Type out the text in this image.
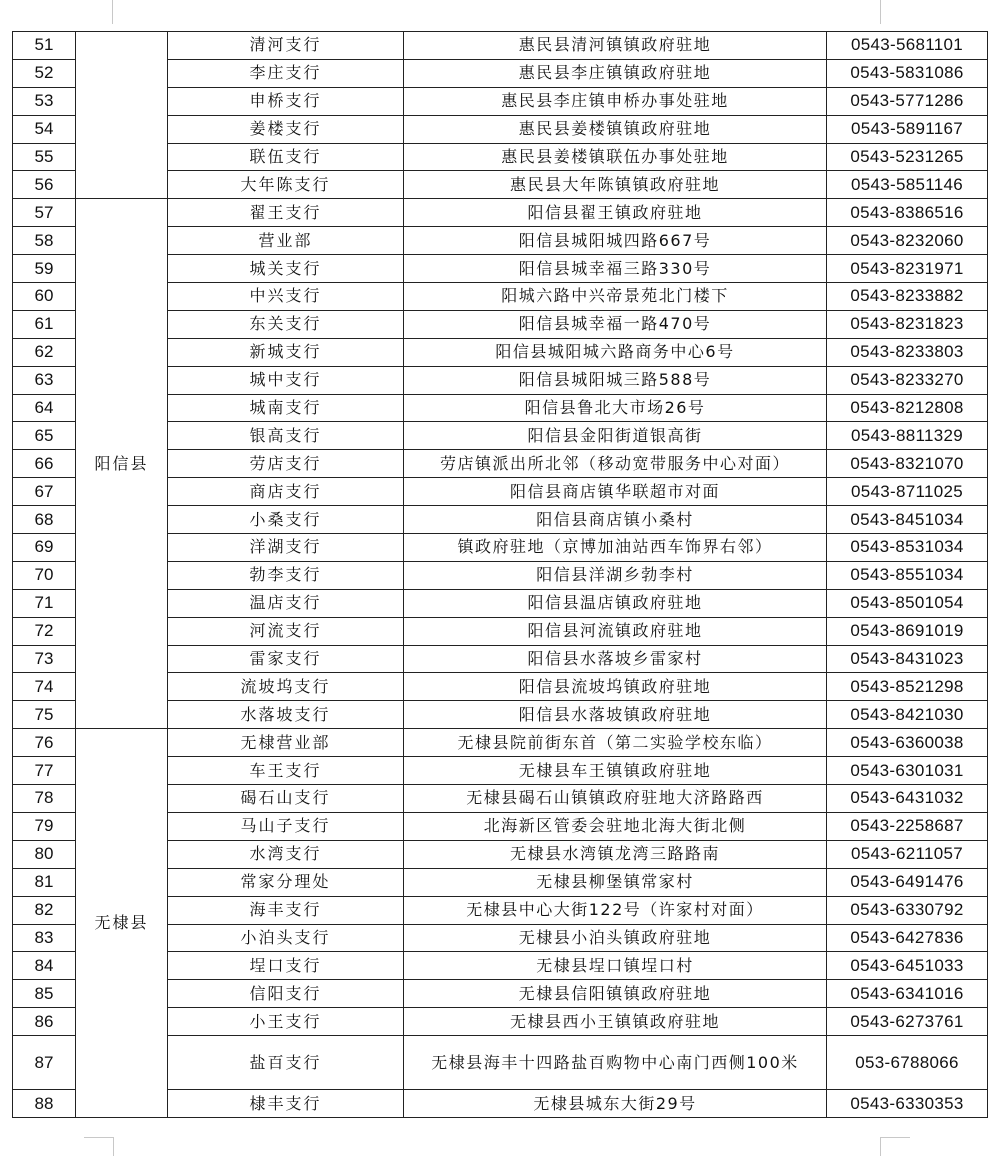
51		清河支行	惠民县清河镇镇政府驻地	0543-5681101
52		李庄支行	惠民县李庄镇镇政府驻地	0543-5831086
53		申桥支行	惠民县李庄镇申桥办事处驻地	0543-5771286
54		姜楼支行	惠民县姜楼镇镇政府驻地	0543-5891167
55		联伍支行	惠民县姜楼镇联伍办事处驻地	0543-5231265
56		大年陈支行	惠民县大年陈镇镇政府驻地	0543-5851146
57	阳信县	翟王支行	阳信县翟王镇政府驻地	0543-8386516
58		营业部	阳信县城阳城四路667号	0543-8232060
59		城关支行	阳信县城幸福三路330号	0543-8231971
60		中兴支行	阳城六路中兴帝景苑北门楼下	0543-8233882
61		东关支行	阳信县城幸福一路470号	0543-8231823
62		新城支行	阳信县城阳城六路商务中心6号	0543-8233803
63		城中支行	阳信县城阳城三路588号	0543-8233270
64		城南支行	阳信县鲁北大市场26号	0543-8212808
65		银高支行	阳信县金阳街道银高街	0543-8811329
66		劳店支行	劳店镇派出所北邻（移动宽带服务中心对面）	0543-8321070
67		商店支行	阳信县商店镇华联超市对面	0543-8711025
68		小桑支行	阳信县商店镇小桑村	0543-8451034
69		洋湖支行	镇政府驻地（京博加油站西车饰界右邻）	0543-8531034
70		勃李支行	阳信县洋湖乡勃李村	0543-8551034
71		温店支行	阳信县温店镇政府驻地	0543-8501054
72		河流支行	阳信县河流镇政府驻地	0543-8691019
73		雷家支行	阳信县水落坡乡雷家村	0543-8431023
74		流坡坞支行	阳信县流坡坞镇政府驻地	0543-8521298
75		水落坡支行	阳信县水落坡镇政府驻地	0543-8421030
76	无棣县	无棣营业部	无棣县院前街东首（第二实验学校东临）	0543-6360038
77		车王支行	无棣县车王镇镇政府驻地	0543-6301031
78		碣石山支行	无棣县碣石山镇镇政府驻地大济路路西	0543-6431032
79		马山子支行	北海新区管委会驻地北海大街北侧	0543-2258687
80		水湾支行	无棣县水湾镇龙湾三路路南	0543-6211057
81		常家分理处	无棣县柳堡镇常家村	0543-6491476
82		海丰支行	无棣县中心大街122号（许家村对面）	0543-6330792
83		小泊头支行	无棣县小泊头镇政府驻地	0543-6427836
84		埕口支行	无棣县埕口镇埕口村	0543-6451033
85		信阳支行	无棣县信阳镇镇政府驻地	0543-6341016
86		小王支行	无棣县西小王镇镇政府驻地	0543-6273761
87		盐百支行	无棣县海丰十四路盐百购物中心南门西侧100米	053-6788066
88		棣丰支行	无棣县城东大街29号	0543-6330353
